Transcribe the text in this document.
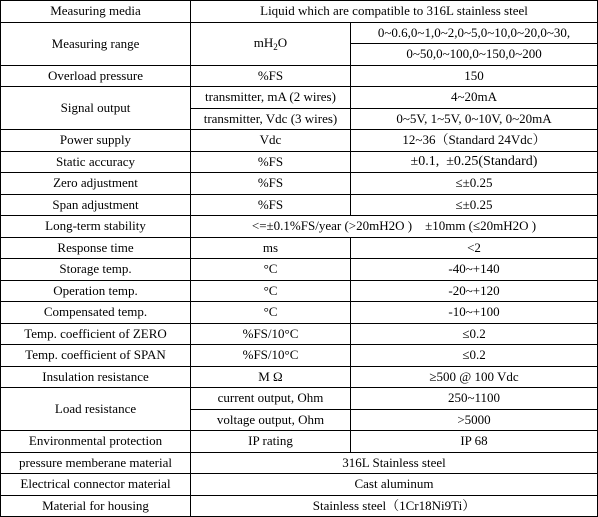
Measuring media	Liquid which are compatible to 316L stainless steel	
Measuring range	$mH_2O$	0~0.6,0~1,0~2,0~5,0~10,0~20,0~30,
		0~50,0~100,0~150,0~200
Overload pressure	%FS	150
Signal output	transmitter, mA (2 wires)	4~20mA
	transmitter, Vdc (3 wires)	0~5V, 1~5V, 0~10V, 0~20mA
Power supply	Vdc	12~36（Standard 24Vdc）
Static accuracy	%FS	±0.1,  ±0.25(Standard)
Zero adjustment	%FS	≤±0.25
Span adjustment	%FS	≤±0.25
Long-term stability	<=±0.1%FS/year (>20mH2O )    ±10mm (≤20mH2O )	
Response time	ms	<2
Storage temp.	°C	-40~+140
Operation temp.	°C	-20~+120
Compensated temp.	°C	-10~+100
Temp. coefficient of ZERO	%FS/10°C	≤0.2
Temp. coefficient of SPAN	%FS/10°C	≤0.2
Insulation resistance	M Ω	≥500 @ 100 Vdc
Load resistance	current output, Ohm	250~1100
	voltage output, Ohm	>5000
Environmental protection	IP rating	IP 68
pressure memberane material	316L Stainless steel	
Electrical connector material	Cast aluminum	
Material for housing	Stainless steel（1Cr18Ni9Ti）	
